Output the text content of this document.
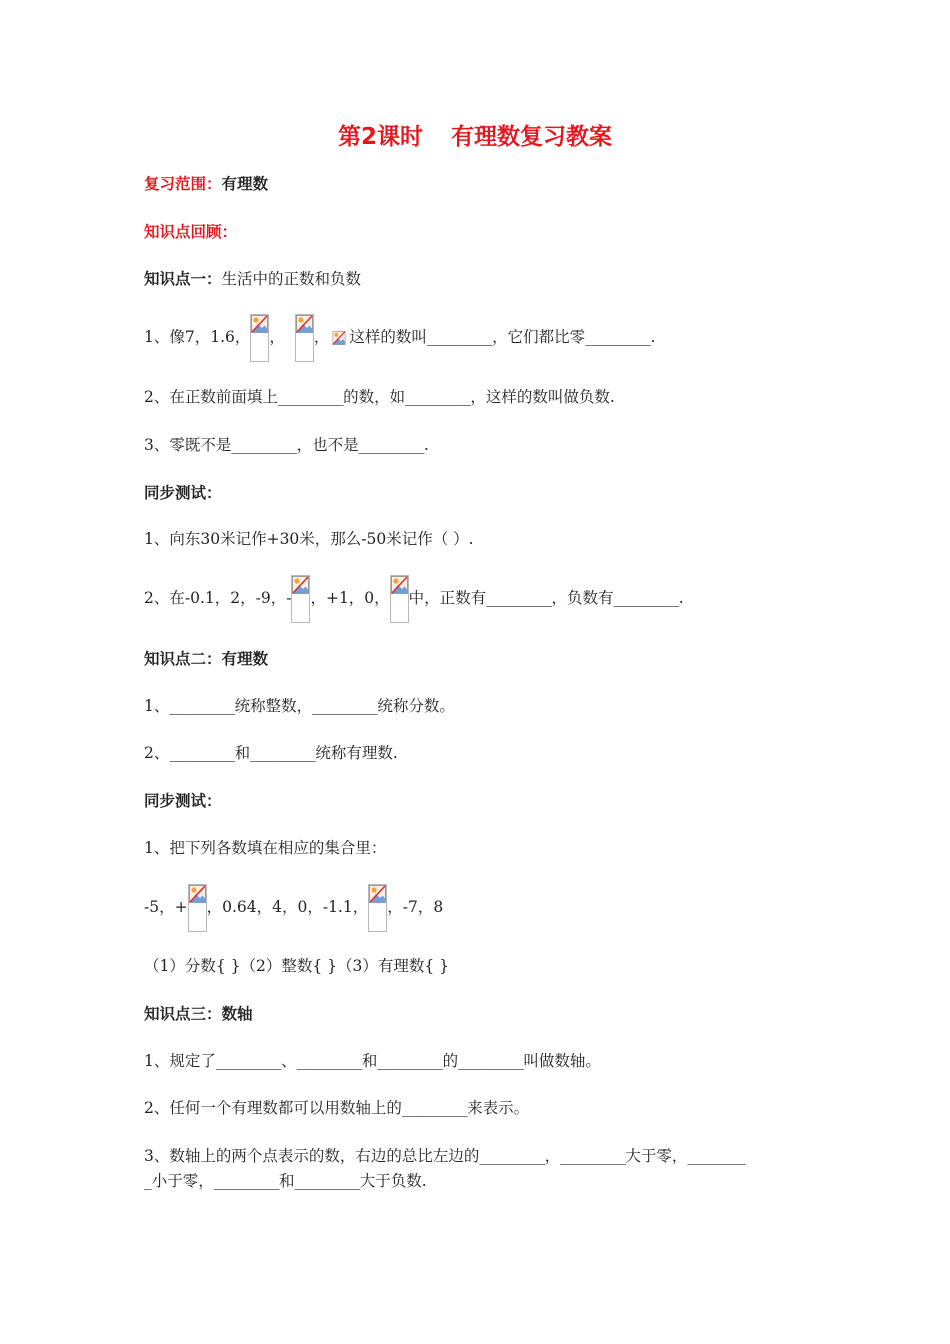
第2课时 有理数复习教案
复习范围：有理数
知识点回顾：
知识点一：生活中的正数和负数
1、像7，1.6， ， ， 这样的数叫_________，它们都比零_________.
2、在正数前面填上_________的数，如_________，这样的数叫做负数.
3、零既不是_________，也不是_________.
同步测试：
1、向东30米记作+30米，那么-50米记作（ ）.
2、在-0.1，2，-9，- ，+1，0， 中，正数有_________，负数有_________.
知识点二：有理数
1、_________统称整数，_________统称分数。
2、_________和_________统称有理数.
同步测试：
1、把下列各数填在相应的集合里：
-5，+ ，0.64，4，0，-1.1， ，-7，8
（1）分数{ }（2）整数{ }（3）有理数{ }
知识点三：数轴
1、规定了_________、_________和_________的_________叫做数轴。
2、任何一个有理数都可以用数轴上的_________来表示。
3、数轴上的两个点表示的数，右边的总比左边的_________，_________大于零，________
_小于零，_________和_________大于负数.
